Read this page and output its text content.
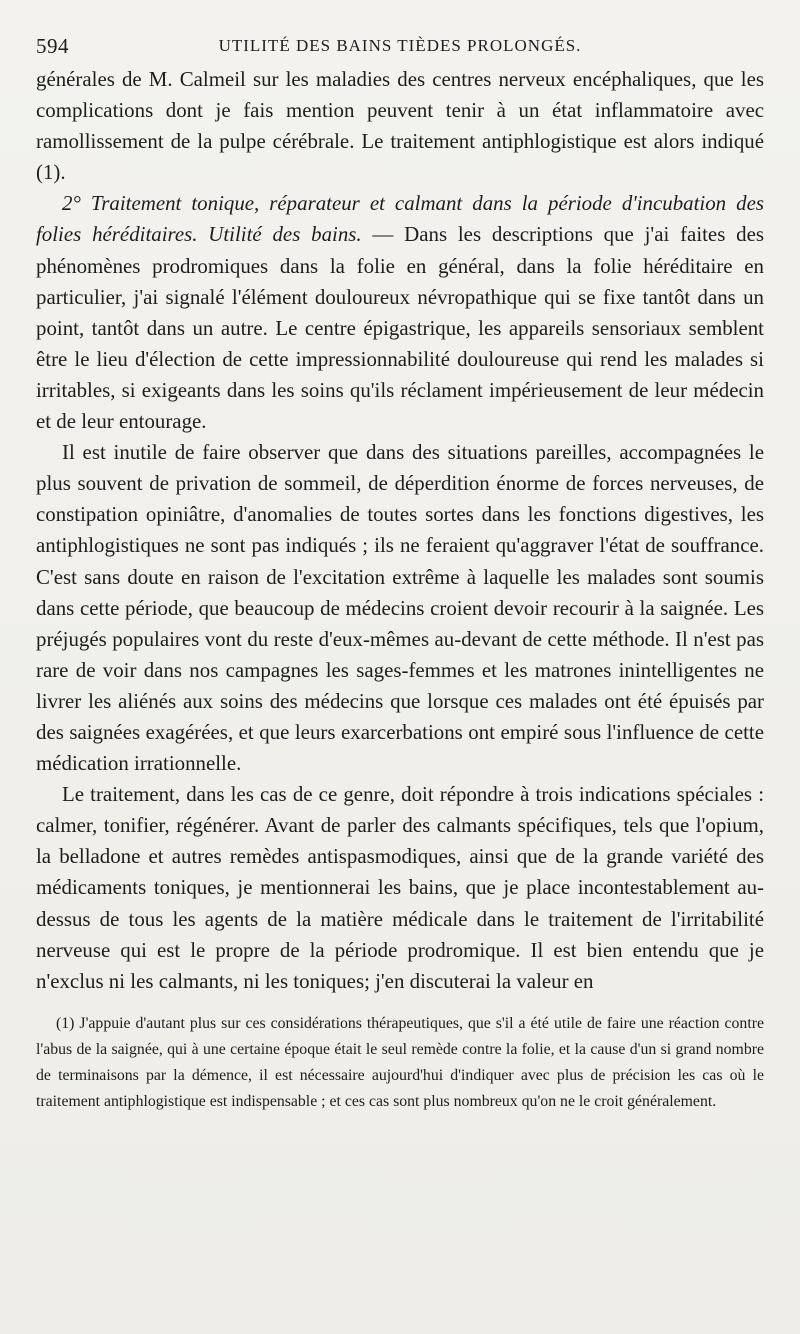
594	UTILITÉ DES BAINS TIÈDES PROLONGÉS.

générales de M. Calmeil sur les maladies des centres nerveux encéphaliques, que les complications dont je fais mention peuvent tenir à un état inflammatoire avec ramollissement de la pulpe cérébrale. Le traitement antiphlogistique est alors indiqué (1).

2° Traitement tonique, réparateur et calmant dans la période d'incubation des folies héréditaires. Utilité des bains. — Dans les descriptions que j'ai faites des phénomènes prodromiques dans la folie en général, dans la folie héréditaire en particulier, j'ai signalé l'élément douloureux névropathique qui se fixe tantôt dans un point, tantôt dans un autre. Le centre épigastrique, les appareils sensoriaux semblent être le lieu d'élection de cette impressionnabilité douloureuse qui rend les malades si irritables, si exigeants dans les soins qu'ils réclament impérieusement de leur médecin et de leur entourage.

Il est inutile de faire observer que dans des situations pareilles, accompagnées le plus souvent de privation de sommeil, de déperdition énorme de forces nerveuses, de constipation opiniâtre, d'anomalies de toutes sortes dans les fonctions digestives, les antiphlogistiques ne sont pas indiqués ; ils ne feraient qu'aggraver l'état de souffrance. C'est sans doute en raison de l'excitation extrême à laquelle les malades sont soumis dans cette période, que beaucoup de médecins croient devoir recourir à la saignée. Les préjugés populaires vont du reste d'eux-mêmes au-devant de cette méthode. Il n'est pas rare de voir dans nos campagnes les sages-femmes et les matrones inintelligentes ne livrer les aliénés aux soins des médecins que lorsque ces malades ont été épuisés par des saignées exagérées, et que leurs exarcerbations ont empiré sous l'influence de cette médication irrationnelle.

Le traitement, dans les cas de ce genre, doit répondre à trois indications spéciales : calmer, tonifier, régénérer. Avant de parler des calmants spécifiques, tels que l'opium, la belladone et autres remèdes antispasmodiques, ainsi que de la grande variété des médicaments toniques, je mentionnerai les bains, que je place incontestablement au-dessus de tous les agents de la matière médicale dans le traitement de l'irritabilité nerveuse qui est le propre de la période prodromique. Il est bien entendu que je n'exclus ni les calmants, ni les toniques; j'en discuterai la valeur en

(1) J'appuie d'autant plus sur ces considérations thérapeutiques, que s'il a été utile de faire une réaction contre l'abus de la saignée, qui à une certaine époque était le seul remède contre la folie, et la cause d'un si grand nombre de terminaisons par la démence, il est nécessaire aujourd'hui d'indiquer avec plus de précision les cas où le traitement antiphlogistique est indispensable ; et ces cas sont plus nombreux qu'on ne le croit généralement.
